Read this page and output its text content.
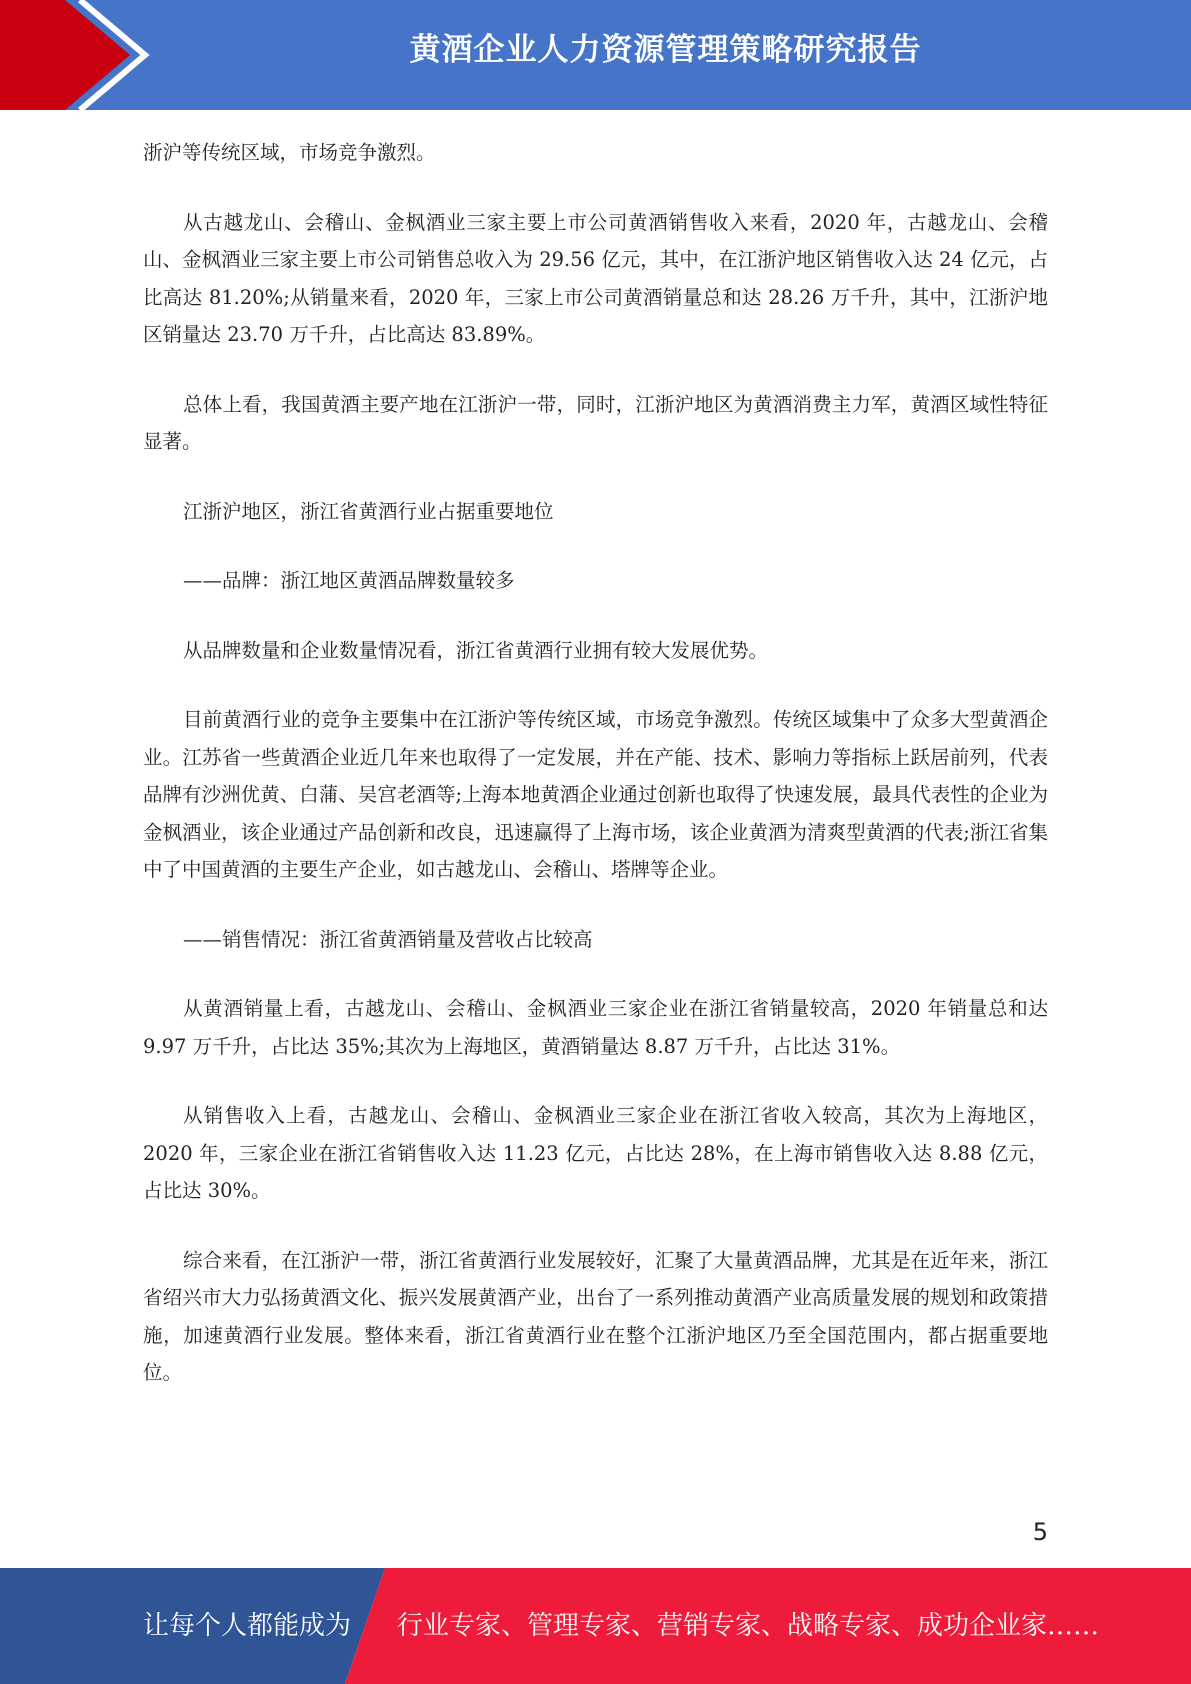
黄酒企业人力资源管理策略研究报告

浙沪等传统区域，市场竞争激烈。

从古越龙山、会稽山、金枫酒业三家主要上市公司黄酒销售收入来看，2020 年，古越龙山、会稽山、金枫酒业三家主要上市公司销售总收入为 29.56 亿元，其中，在江浙沪地区销售收入达 24 亿元，占比高达 81.20%;从销量来看，2020 年，三家上市公司黄酒销量总和达 28.26 万千升，其中，江浙沪地区销量达 23.70 万千升，占比高达 83.89%。

总体上看，我国黄酒主要产地在江浙沪一带，同时，江浙沪地区为黄酒消费主力军，黄酒区域性特征显著。

江浙沪地区，浙江省黄酒行业占据重要地位

——品牌：浙江地区黄酒品牌数量较多

从品牌数量和企业数量情况看，浙江省黄酒行业拥有较大发展优势。

目前黄酒行业的竞争主要集中在江浙沪等传统区域，市场竞争激烈。传统区域集中了众多大型黄酒企业。江苏省一些黄酒企业近几年来也取得了一定发展，并在产能、技术、影响力等指标上跃居前列，代表品牌有沙洲优黄、白蒲、吴宫老酒等;上海本地黄酒企业通过创新也取得了快速发展，最具代表性的企业为金枫酒业，该企业通过产品创新和改良，迅速赢得了上海市场，该企业黄酒为清爽型黄酒的代表;浙江省集中了中国黄酒的主要生产企业，如古越龙山、会稽山、塔牌等企业。

——销售情况：浙江省黄酒销量及营收占比较高

从黄酒销量上看，古越龙山、会稽山、金枫酒业三家企业在浙江省销量较高，2020 年销量总和达 9.97 万千升，占比达 35%;其次为上海地区，黄酒销量达 8.87 万千升，占比达 31%。

从销售收入上看，古越龙山、会稽山、金枫酒业三家企业在浙江省收入较高，其次为上海地区，2020 年，三家企业在浙江省销售收入达 11.23 亿元，占比达 28%，在上海市销售收入达 8.88 亿元，占比达 30%。

综合来看，在江浙沪一带，浙江省黄酒行业发展较好，汇聚了大量黄酒品牌，尤其是在近年来，浙江省绍兴市大力弘扬黄酒文化、振兴发展黄酒产业，出台了一系列推动黄酒产业高质量发展的规划和政策措施，加速黄酒行业发展。整体来看，浙江省黄酒行业在整个江浙沪地区乃至全国范围内，都占据重要地位。

5
让每个人都能成为 行业专家、管理专家、营销专家、战略专家、成功企业家……
